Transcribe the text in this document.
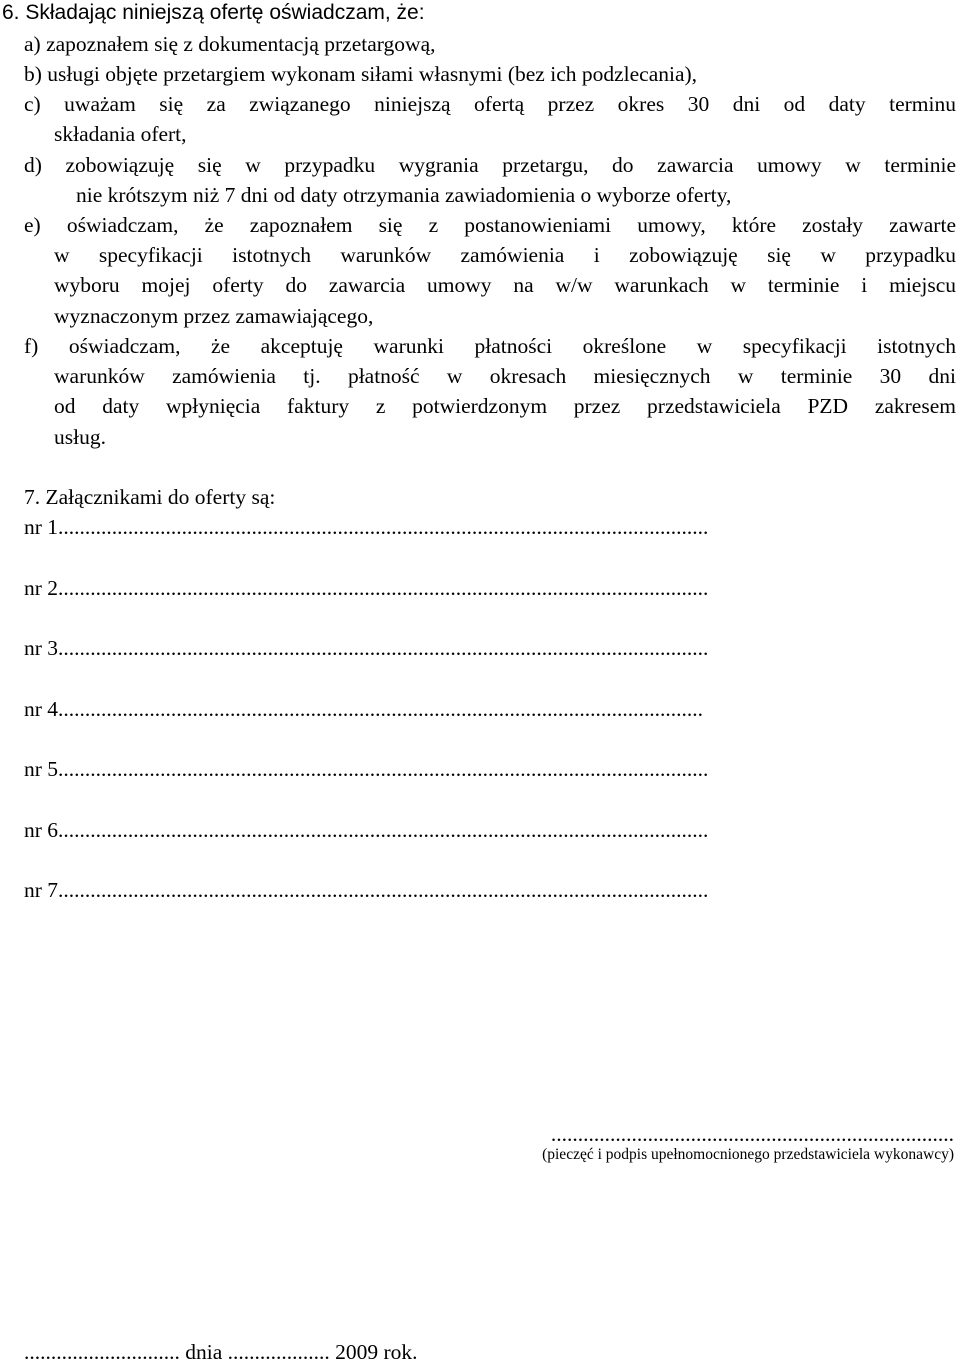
6. Składając niniejszą ofertę oświadczam, że:
a) zapoznałem się z dokumentacją przetargową,
b) usługi objęte przetargiem wykonam siłami własnymi (bez ich podzlecania),
c) uważam się za związanego niniejszą ofertą przez okres 30 dni od daty terminu
składania ofert,
d) zobowiązuję się w przypadku wygrania przetargu, do zawarcia umowy w terminie
nie krótszym niż 7 dni od daty otrzymania zawiadomienia o wyborze oferty,
e) oświadczam, że zapoznałem się z postanowieniami umowy, które zostały zawarte
w specyfikacji istotnych warunków zamówienia i zobowiązuję się w przypadku
wyboru mojej oferty do zawarcia umowy na w/w warunkach w terminie i miejscu
wyznaczonym przez zamawiającego,
f) oświadczam, że akceptuję warunki płatności określone w specyfikacji istotnych
warunków zamówienia tj. płatność w okresach miesięcznych w terminie 30 dni
od daty wpłynięcia faktury z potwierdzonym przez przedstawiciela PZD zakresem
usług.
7. Załącznikami do oferty są:
nr 1.........................................................................................................................
nr 2.........................................................................................................................
nr 3.........................................................................................................................
nr 4........................................................................................................................
nr 5.........................................................................................................................
nr 6.........................................................................................................................
nr 7.........................................................................................................................
...........................................................................
(pieczęć i podpis upełnomocnionego przedstawiciela wykonawcy)
............................. dnia ................... 2009 rok.
